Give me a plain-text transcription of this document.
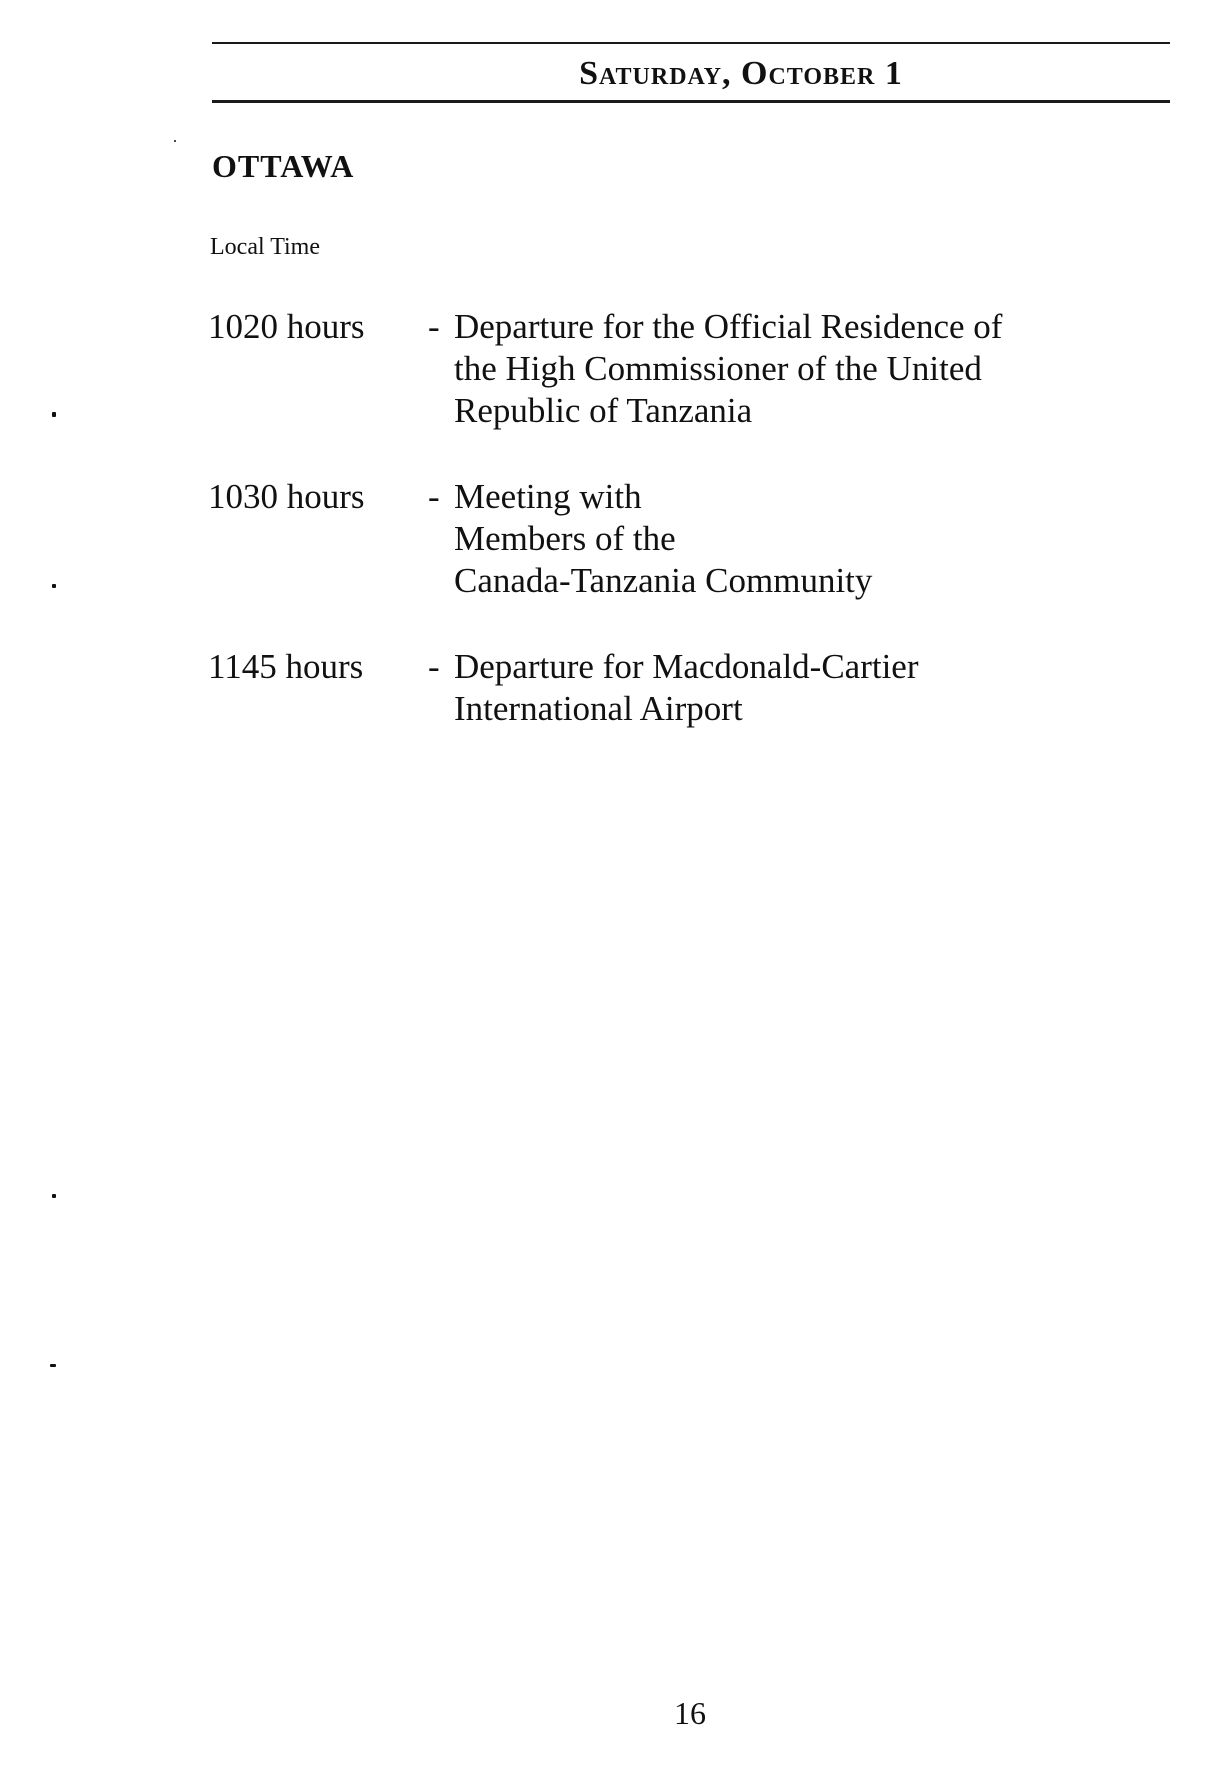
Saturday, October 1
OTTAWA
Local Time
1020 hours	- Departure for the Official Residence of
the High Commissioner of the United
Republic of Tanzania
1030 hours	- Meeting with
Members of the
Canada-Tanzania Community
1145 hours	- Departure for Macdonald-Cartier
International Airport
16
